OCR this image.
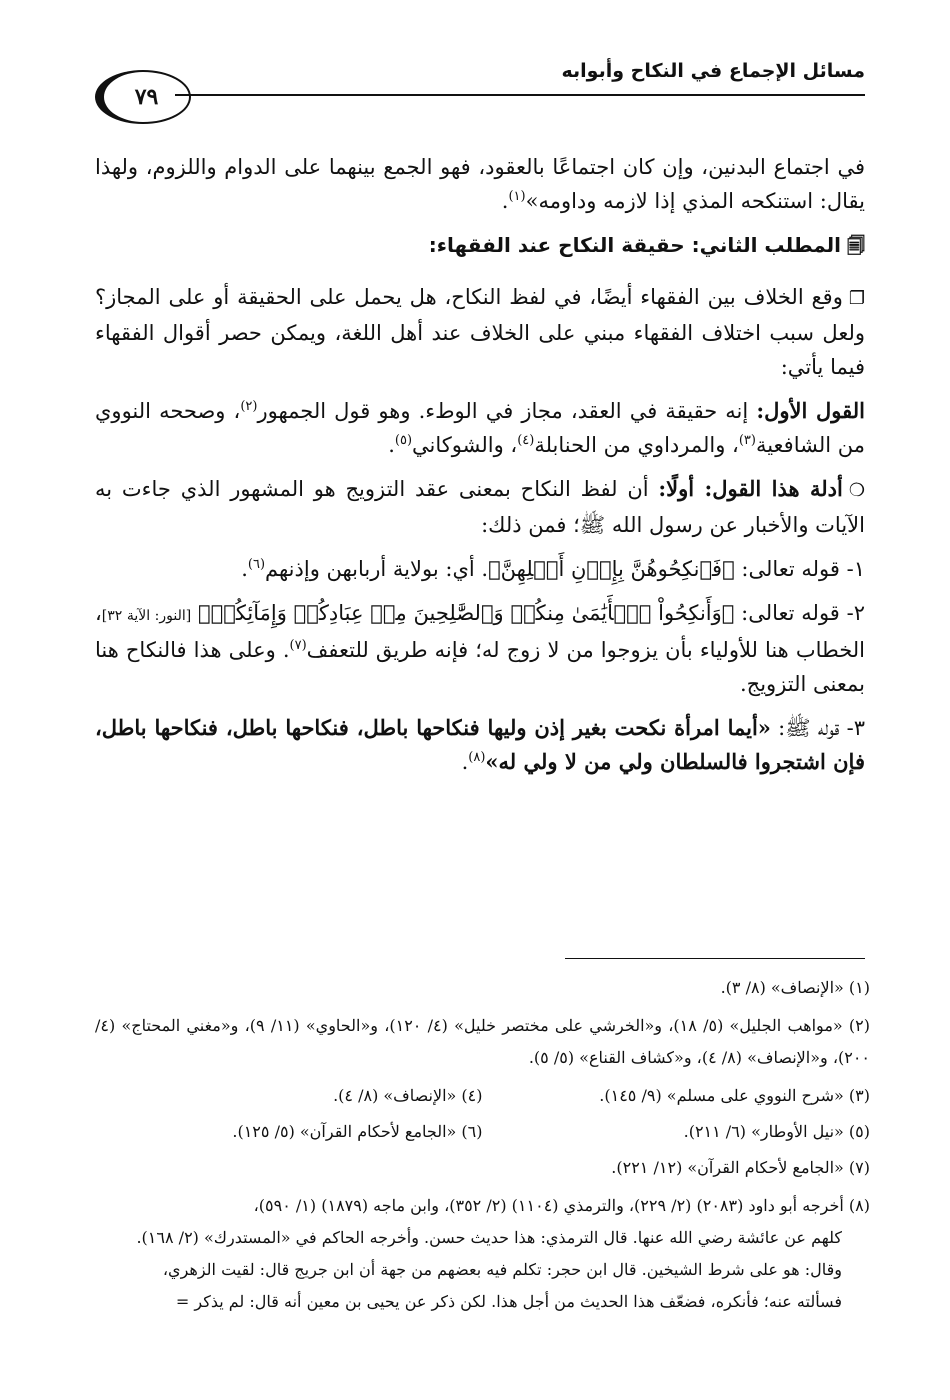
مسائل الإجماع في النكاح وأبوابه
٧٩

في اجتماع البدنين، وإن كان اجتماعًا بالعقود، فهو الجمع بينهما على الدوام واللزوم، ولهذا يقال: استنكحه المذي إذا لازمه وداومه»$^{(١)}$.

🗐المطلب الثاني: حقيقة النكاح عند الفقهاء:

❐وقع الخلاف بين الفقهاء أيضًا، في لفظ النكاح، هل يحمل على الحقيقة أو على المجاز؟ ولعل سبب اختلاف الفقهاء مبني على الخلاف عند أهل اللغة، ويمكن حصر أقوال الفقهاء فيما يأتي:

القول الأول: إنه حقيقة في العقد، مجاز في الوطء. وهو قول الجمهور$^{(٢)}$، وصححه النووي من الشافعية$^{(٣)}$، والمرداوي من الحنابلة$^{(٤)}$، والشوكاني$^{(٥)}$.

❍أدلة هذا القول: أولًا: أن لفظ النكاح بمعنى عقد التزويج هو المشهور الذي جاءت به الآيات والأخبار عن رسول الله ﷺ؛ فمن ذلك:

١- قوله تعالى: ﴿فَٱنكِحُوهُنَّ بِإِذۡنِ أَهۡلِهِنَّ﴾. أي: بولاية أربابهن وإذنهم$^{(٦)}$.

٢- قوله تعالى: ﴿وَأَنكِحُواْ ٱلۡأَيَٰمَىٰ مِنكُمۡ وَٱلصَّٰلِحِينَ مِنۡ عِبَادِكُمۡ وَإِمَآئِكُمۡ﴾ [النور: الآية ٣٢]، الخطاب هنا للأولياء بأن يزوجوا من لا زوج له؛ فإنه طريق للتعفف$^{(٧)}$. وعلى هذا فالنكاح هنا بمعنى التزويج.

٣- قوله ﷺ: «أيما امرأة نكحت بغير إذن وليها فنكاحها باطل، فنكاحها باطل، فنكاحها باطل، فإن اشتجروا فالسلطان ولي من لا ولي له»$^{(٨)}$.

(١) «الإنصاف» (٨/ ٣).

(٢) «مواهب الجليل» (٥/ ١٨)، و«الخرشي على مختصر خليل» (٤/ ١٢٠)، و«الحاوي» (١١/ ٩)، و«مغني المحتاج» (٤/ ٢٠٠)، و«الإنصاف» (٨/ ٤)، و«كشاف القناع» (٥/ ٥).

(٣) «شرح النووي على مسلم» (٩/ ١٤٥).
(٤) «الإنصاف» (٨/ ٤).
(٥) «نيل الأوطار» (٦/ ٢١١).
(٦) «الجامع لأحكام القرآن» (٥/ ١٢٥).

(٧) «الجامع لأحكام القرآن» (١٢/ ٢٢١).

(٨) أخرجه أبو داود (٢٠٨٣) (٢/ ٢٢٩)، والترمذي (١١٠٤) (٢/ ٣٥٢)، وابن ماجه (١٨٧٩) (١/ ٥٩٠)،

كلهم عن عائشة رضي الله عنها. قال الترمذي: هذا حديث حسن. وأخرجه الحاكم في «المستدرك» (٢/ ١٦٨).

وقال: هو على شرط الشيخين. قال ابن حجر: تكلم فيه بعضهم من جهة أن ابن جريج قال: لقيت الزهري،

فسألته عنه؛ فأنكره، فضعّف هذا الحديث من أجل هذا. لكن ذكر عن يحيى بن معين أنه قال: لم يذكر =
